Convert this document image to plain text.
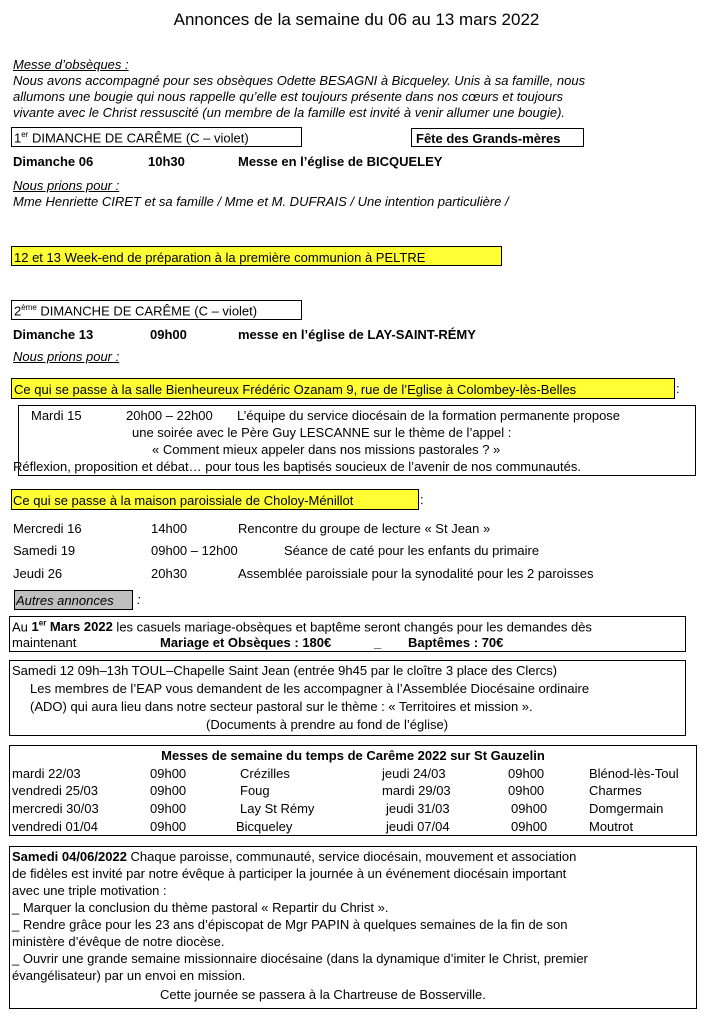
Annonces de la semaine du 06 au 13 mars 2022
Messe d’obsèques :
Nous avons accompagné pour ses obsèques Odette BESAGNI à Bicqueley. Unis à sa famille, nous
allumons une bougie qui nous rappelle qu’elle est toujours présente dans nos cœurs et toujours
vivante avec le Christ ressuscité (un membre de la famille est invité à venir allumer une bougie).
1er DIMANCHE DE CARÊME (C – violet)	Fête des Grands-mères
Dimanche 06	10h30	Messe en l’église de BICQUELEY
Nous prions pour :
Mme Henriette CIRET et sa famille / Mme et M. DUFRAIS / Une intention particulière /
12 et 13 Week-end de préparation à la première communion à PELTRE
2ème DIMANCHE DE CARÊME (C – violet)
Dimanche 13	09h00	messe en l’église de LAY-SAINT-RÉMY
Nous prions pour :
Ce qui se passe à la salle Bienheureux Frédéric Ozanam 9, rue de l’Eglise à Colombey-lès-Belles	:
Mardi 15	20h00 – 22h00 L’équipe du service diocésain de la formation permanente propose
une soirée avec le Père Guy LESCANNE sur le thème de l’appel :
« Comment mieux appeler dans nos missions pastorales ? »
Réflexion, proposition et débat… pour tous les baptisés soucieux de l’avenir de nos communautés.
Ce qui se passe à la maison paroissiale de Choloy-Ménillot	:
Mercredi 16	14h00	Rencontre du groupe de lecture « St Jean »
Samedi 19	09h00 – 12h00	Séance de caté pour les enfants du primaire
Jeudi 26	20h30	Assemblée paroissiale pour la synodalité pour les 2 paroisses
Autres annonces :
Au 1er Mars 2022 les casuels mariage-obsèques et baptême seront changés pour les demandes dès
maintenant	Mariage et Obsèques : 180€	_ Baptêmes : 70€
Samedi 12 09h–13h TOUL–Chapelle Saint Jean (entrée 9h45 par le cloître 3 place des Clercs)
Les membres de l’EAP vous demandent de les accompagner à l’Assemblée Diocésaine ordinaire
(ADO) qui aura lieu dans notre secteur pastoral sur le thème : « Territoires et mission ».
(Documents à prendre au fond de l’église)
Messes de semaine du temps de Carême 2022 sur St Gauzelin
mardi 22/03	09h00	Crézilles	jeudi 24/03	09h00	Blénod-lès-Toul
vendredi 25/03	09h00	Foug	mardi 29/03	09h00	Charmes
mercredi 30/03	09h00	Lay St Rémy	jeudi 31/03	09h00	Domgermain
vendredi 01/04	09h00	Bicqueley	jeudi 07/04	09h00	Moutrot
Samedi 04/06/2022 Chaque paroisse, communauté, service diocésain, mouvement et association
de fidèles est invité par notre évêque à participer la journée à un événement diocésain important
avec une triple motivation :
_ Marquer la conclusion du thème pastoral « Repartir du Christ ».
_ Rendre grâce pour les 23 ans d’épiscopat de Mgr PAPIN à quelques semaines de la fin de son
ministère d’évêque de notre diocèse.
_ Ouvrir une grande semaine missionnaire diocésaine (dans la dynamique d’imiter le Christ, premier
évangélisateur) par un envoi en mission.
Cette journée se passera à la Chartreuse de Bosserville.
